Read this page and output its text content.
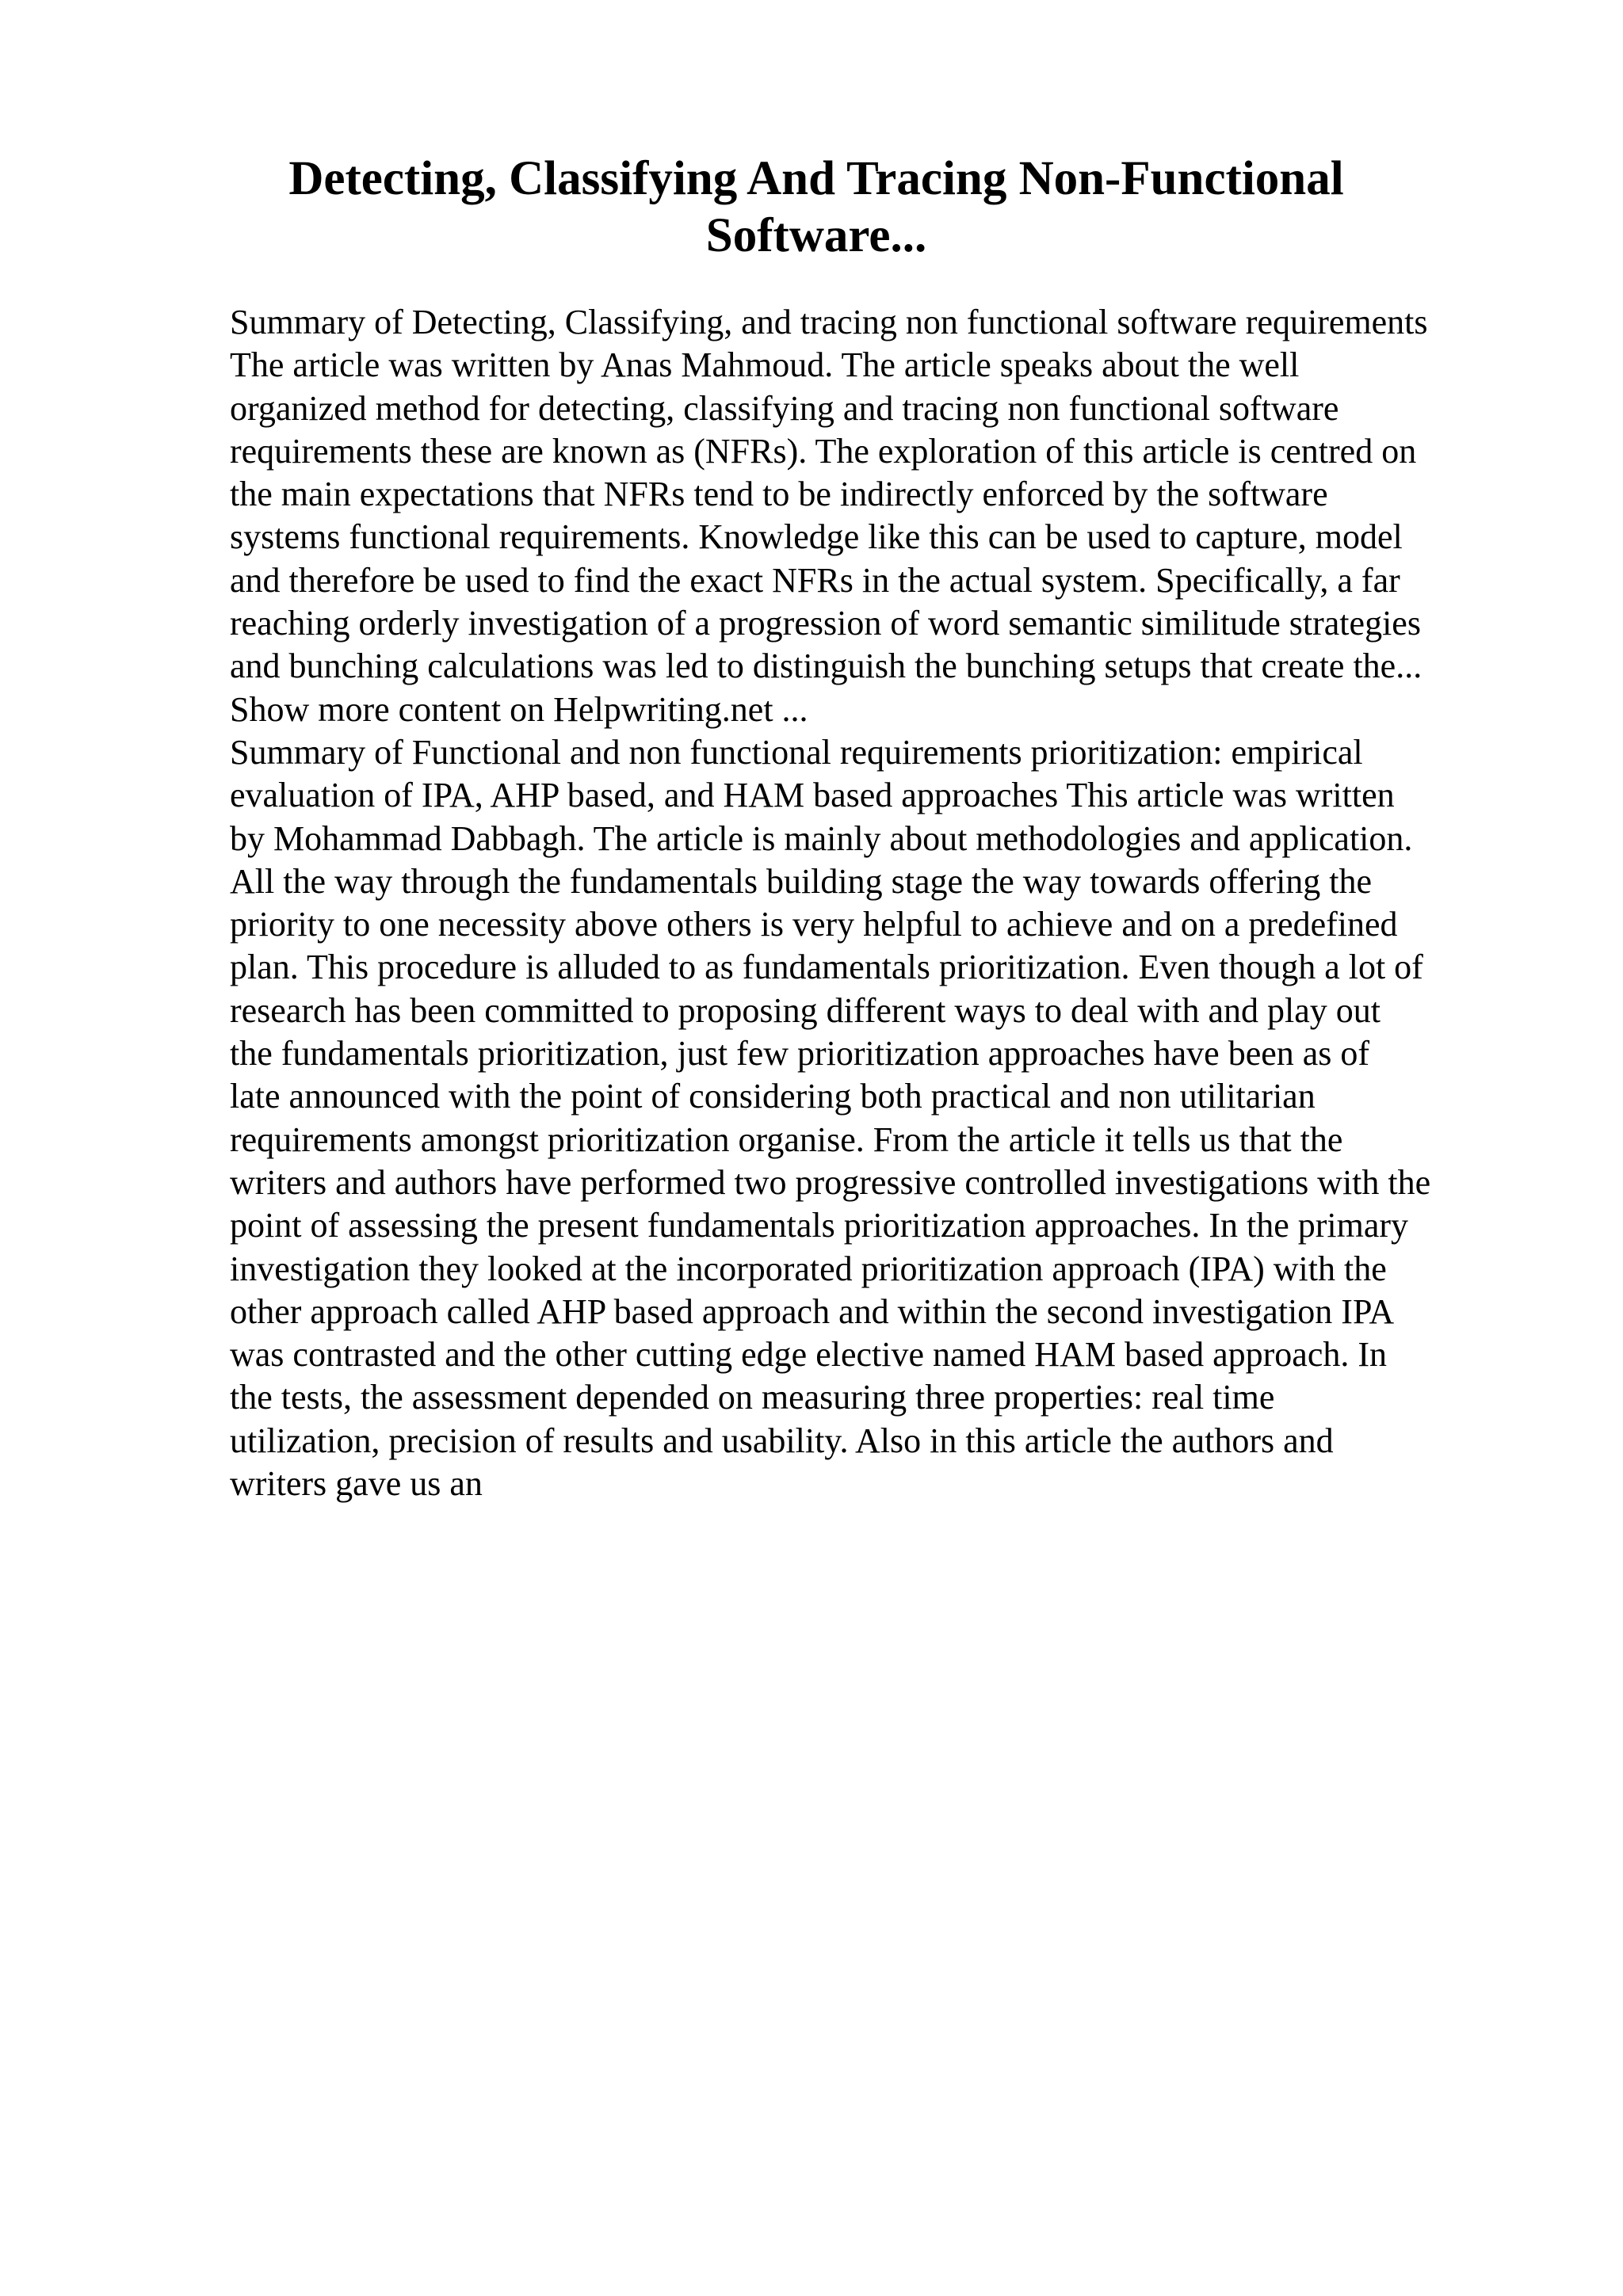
Detecting, Classifying And Tracing Non-Functional
Software...
Summary of Detecting, Classifying, and tracing non functional software requirements
The article was written by Anas Mahmoud. The article speaks about the well
organized method for detecting, classifying and tracing non functional software
requirements these are known as (NFRs). The exploration of this article is centred on
the main expectations that NFRs tend to be indirectly enforced by the software
systems functional requirements. Knowledge like this can be used to capture, model
and therefore be used to find the exact NFRs in the actual system. Specifically, a far
reaching orderly investigation of a progression of word semantic similitude strategies
and bunching calculations was led to distinguish the bunching setups that create the...
Show more content on Helpwriting.net ...
Summary of Functional and non functional requirements prioritization: empirical
evaluation of IPA, AHP based, and HAM based approaches This article was written
by Mohammad Dabbagh. The article is mainly about methodologies and application.
All the way through the fundamentals building stage the way towards offering the
priority to one necessity above others is very helpful to achieve and on a predefined
plan. This procedure is alluded to as fundamentals prioritization. Even though a lot of
research has been committed to proposing different ways to deal with and play out
the fundamentals prioritization, just few prioritization approaches have been as of
late announced with the point of considering both practical and non utilitarian
requirements amongst prioritization organise. From the article it tells us that the
writers and authors have performed two progressive controlled investigations with the
point of assessing the present fundamentals prioritization approaches. In the primary
investigation they looked at the incorporated prioritization approach (IPA) with the
other approach called AHP based approach and within the second investigation IPA
was contrasted and the other cutting edge elective named HAM based approach. In
the tests, the assessment depended on measuring three properties: real time
utilization, precision of results and usability. Also in this article the authors and
writers gave us an
